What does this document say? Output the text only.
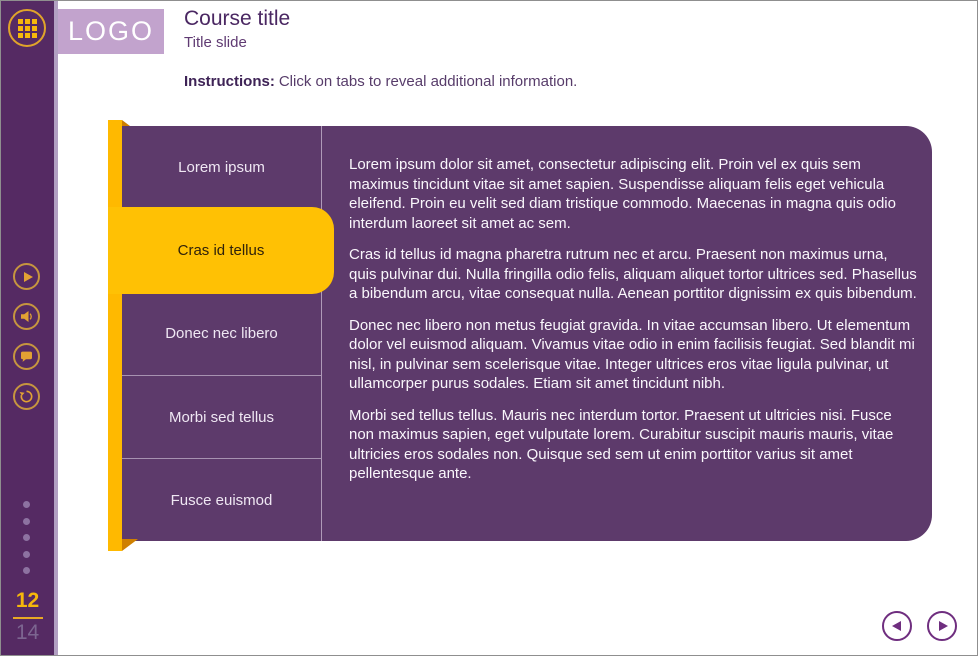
12
14
LOGO Course title
Title slide
Instructions: Click on tabs to reveal additional information.
Lorem ipsum
Cras id tellus
Donec nec libero
Morbi sed tellus
Fusce euismod

Lorem ipsum dolor sit amet, consectetur adipiscing elit. Proin vel ex quis sem maximus tincidunt vitae sit amet sapien. Suspendisse aliquam felis eget vehicula eleifend. Proin eu velit sed diam tristique commodo. Maecenas in magna quis odio interdum laoreet sit amet ac sem.

Cras id tellus id magna pharetra rutrum nec et arcu. Praesent non maximus urna, quis pulvinar dui. Nulla fringilla odio felis, aliquam aliquet tortor ultrices sed. Phasellus a bibendum arcu, vitae consequat nulla. Aenean porttitor dignissim ex quis bibendum.

Donec nec libero non metus feugiat gravida. In vitae accumsan libero. Ut elementum dolor vel euismod aliquam. Vivamus vitae odio in enim facilisis feugiat. Sed blandit mi nisl, in pulvinar sem scelerisque vitae. Integer ultrices eros vitae ligula pulvinar, ut ullamcorper purus sodales. Etiam sit amet tincidunt nibh.

Morbi sed tellus tellus. Mauris nec interdum tortor. Praesent ut ultricies nisi. Fusce non maximus sapien, eget vulputate lorem. Curabitur suscipit mauris mauris, vitae ultricies eros sodales non. Quisque sed sem ut enim porttitor varius sit amet pellentesque ante.
